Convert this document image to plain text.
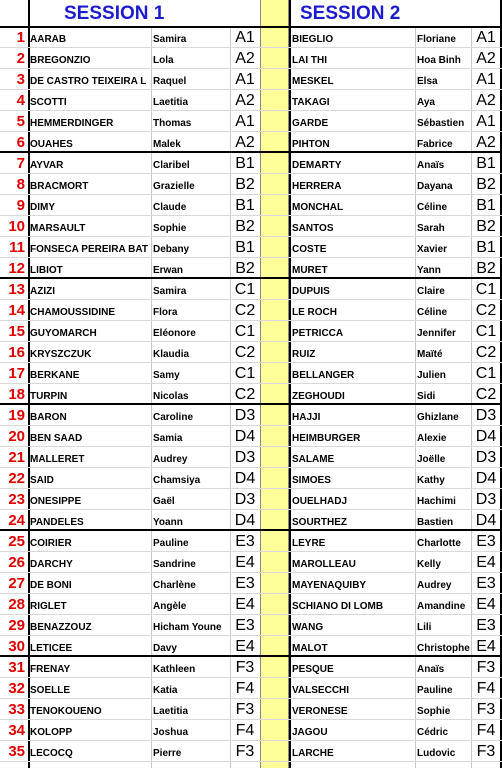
SESSION 1	SESSION 2
1 AARAB	Samira	A1	BIEGLIO	Floriane	A1
2 BREGONZIO	Lola	A2	LAI THI	Hoa Binh A2
3 DE CASTRO TEIXEIRA L Raquel	A1	MESKEL	Elsa	A1
4 SCOTTI	Laetitia	A2	TAKAGI	Aya	A2
5 HEMMERDINGER	Thomas	A1	GARDE	Sébastien A1
6 OUAHES	Malek	A2	PIHTON	Fabrice	A2
7 AYVAR	Claribel	B1	DEMARTY	Anaïs	B1
8 BRACMORT	Grazielle	B2	HERRERA	Dayana	B2
9 DIMY	Claude	B1	MONCHAL	Céline	B1
10 MARSAULT	Sophie	B2	SANTOS	Sarah	B2
11 FONSECA PEREIRA BAT Debany	B1	COSTE	Xavier	B1
12 LIBIOT	Erwan	B2	MURET	Yann	B2
13 AZIZI	Samira	C1	DUPUIS	Claire	C1
14 CHAMOUSSIDINE	Flora	C2	LE ROCH	Céline	C2
15 GUYOMARCH	Eléonore	C1	PETRICCA	Jennifer	C1
16 KRYSZCZUK	Klaudia	C2	RUIZ	Maïté	C2
17 BERKANE	Samy	C1	BELLANGER	Julien	C1
18 TURPIN	Nicolas	C2	ZEGHOUDI	Sidi	C2
19 BARON	Caroline	D3	HAJJI	Ghizlane	D3
20 BEN SAAD	Samia	D4	HEIMBURGER	Alexie	D4
21 MALLERET	Audrey	D3	SALAME	Joëlle	D3
22 SAID	Chamsiya	D4	SIMOES	Kathy	D4
23 ONESIPPE	Gaël	D3	OUELHADJ	Hachimi	D3
24 PANDELES	Yoann	D4	SOURTHEZ	Bastien	D4
25 COIRIER	Pauline	E3	LEYRE	Charlotte E3
26 DARCHY	Sandrine	E4	MAROLLEAU	Kelly	E4
27 DE BONI	Charlène	E3	MAYENAQUIBY	Audrey	E3
28 RIGLET	Angèle	E4	SCHIANO DI LOMB	Amandine E4
29 BENAZZOUZ	Hicham Youne E3	WANG	Lili	E3
30 LETICEE	Davy	E4	MALOT	Christophe E4
31 FRENAY	Kathleen	F3	PESQUE	Anaïs	F3
32 SOELLE	Katia	F4	VALSECCHI	Pauline	F4
33 TENOKOUENO	Laetitia	F3	VERONESE	Sophie	F3
34 KOLOPP	Joshua	F4	JAGOU	Cédric	F4
35 LECOCQ	Pierre	F3	LARCHE	Ludovic	F3
